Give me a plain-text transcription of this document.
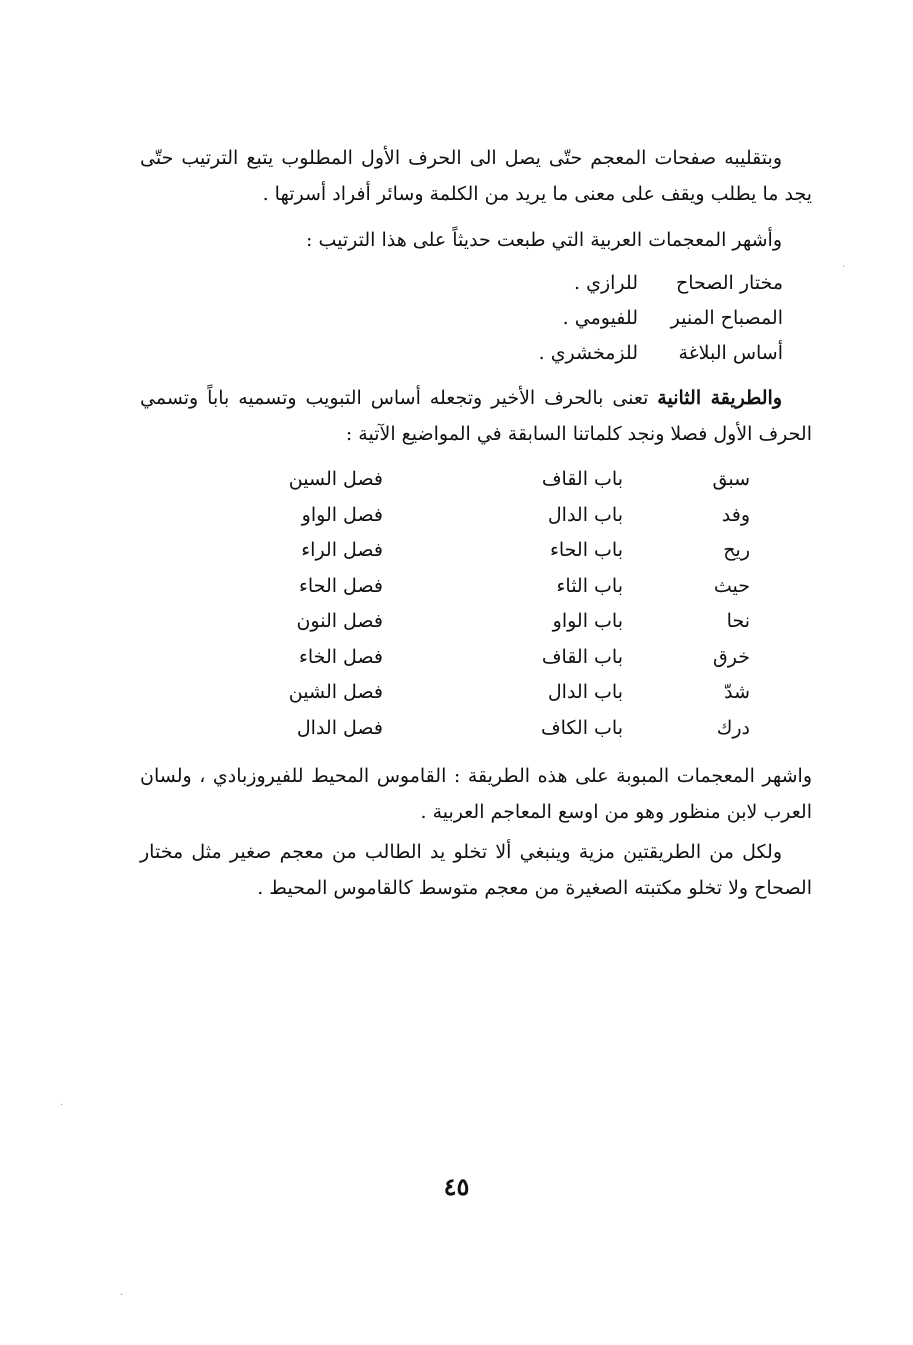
وبتقليبه صفحات المعجم حتّى يصل الى الحرف الأول المطلوب يتبع الترتيب حتّى يجد ما يطلب ويقف على معنى ما يريد من الكلمة وسائر أفراد أسرتها .
وأشهر المعجمات العربية التي طبعت حديثاً على هذا الترتيب :
مختار الصحاح
للرازي .
المصباح المنير
للفيومي .
أساس البلاغة
للزمخشري .
والطريقة الثانية تعنى بالحرف الأخير وتجعله أساس التبويب وتسميه باباً وتسمي الحرف الأول فصلا ونجد كلماتنا السابقة في المواضيع الآتية :
سبق
باب القاف
فصل السين
وفد
باب الدال
فصل الواو
ريح
باب الحاء
فصل الراء
حيث
باب الثاء
فصل الحاء
نحا
باب الواو
فصل النون
خرق
باب القاف
فصل الخاء
شدّ
باب الدال
فصل الشين
درك
باب الكاف
فصل الدال
واشهر المعجمات المبوبة على هذه الطريقة : القاموس المحيط للفيروزبادي ، ولسان العرب لابن منظور وهو من اوسع المعاجم العربية .
ولكل من الطريقتين مزية وينبغي ألا تخلو يد الطالب من معجم صغير مثل مختار الصحاح ولا تخلو مكتبته الصغيرة من معجم متوسط كالقاموس المحيط .
٤٥
·
·
·
